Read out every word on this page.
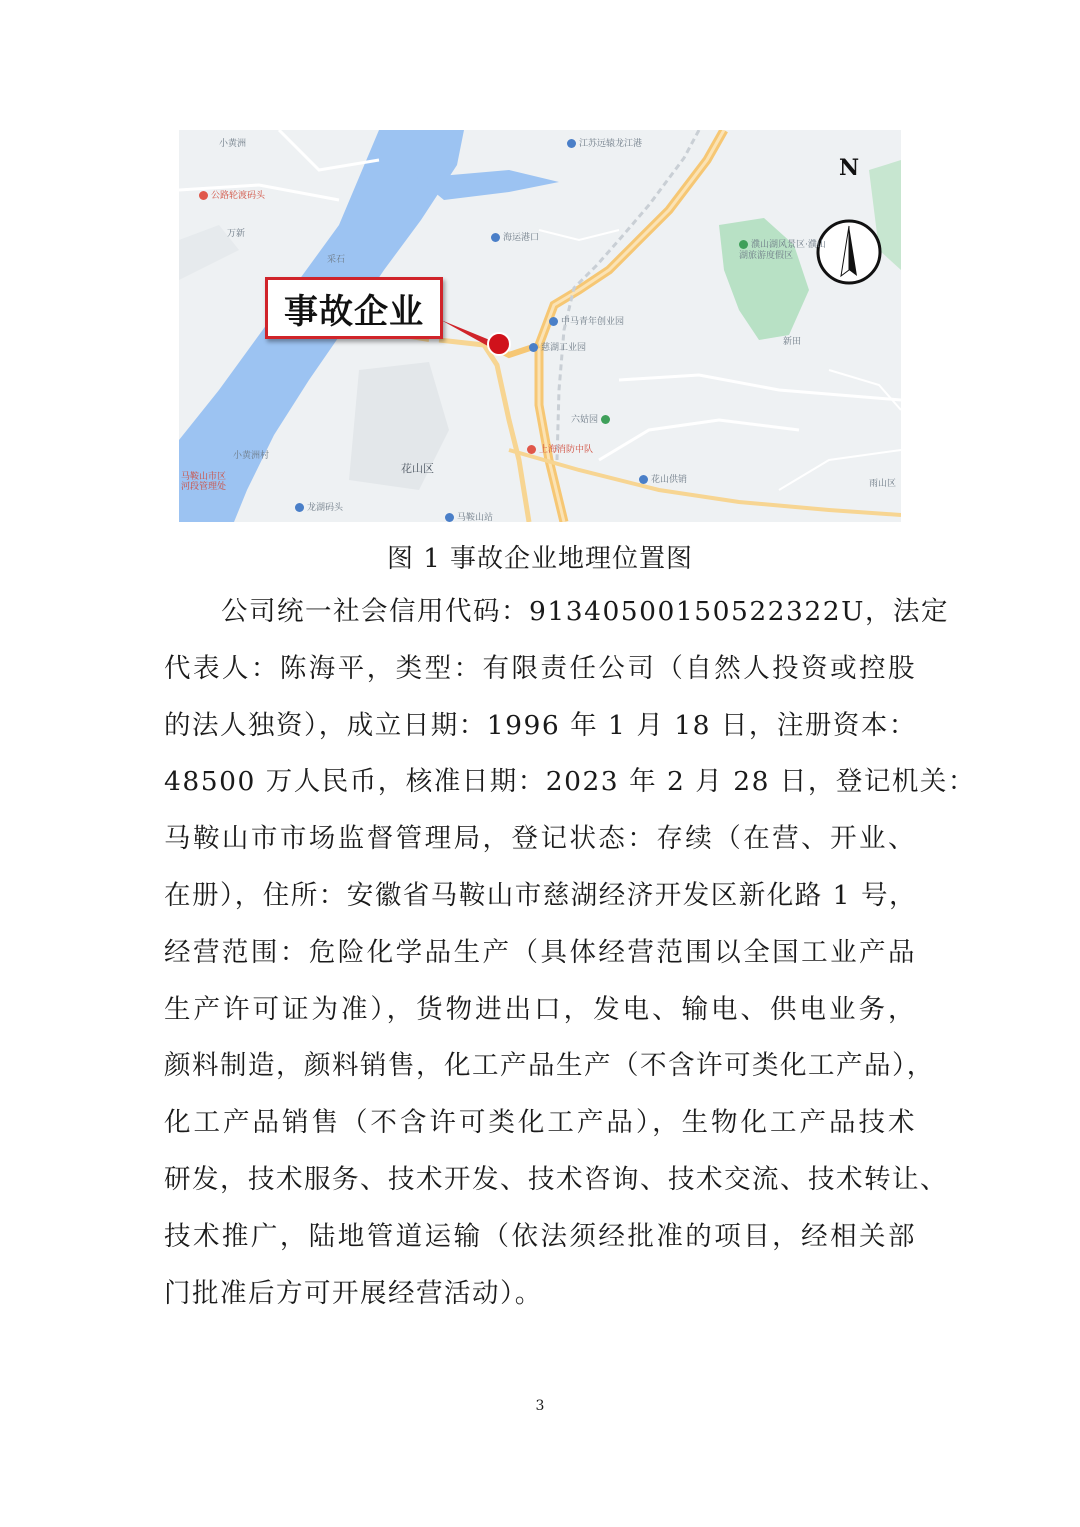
小黄洲	江苏远辕龙江港
公路轮渡码头
万新	海运港口
采石
濮山湖风景区·濮山湖旅游度假区
中马青年创业园
慈湖工业园
新田
六姑园
小黄洲村
马鞍山市区河段管理处
龙湖码头
花山区
马鞍山站
上海消防中队
花山供销	雨山区
事故企业
N
图 1 事故企业地理位置图
公司统一社会信用代码：91340500150522322U，法定
代表人：陈海平，类型：有限责任公司（自然人投资或控股
的法人独资），成立日期：1996 年 1 月 18 日，注册资本：
48500 万人民币，核准日期：2023 年 2 月 28 日，登记机关：
马鞍山市市场监督管理局，登记状态：存续（在营、开业、
在册），住所：安徽省马鞍山市慈湖经济开发区新化路 1 号，
经营范围：危险化学品生产（具体经营范围以全国工业产品
生产许可证为准），货物进出口，发电、输电、供电业务，
颜料制造，颜料销售，化工产品生产（不含许可类化工产品），
化工产品销售（不含许可类化工产品），生物化工产品技术
研发，技术服务、技术开发、技术咨询、技术交流、技术转让、
技术推广，陆地管道运输（依法须经批准的项目，经相关部
门批准后方可开展经营活动）。
3
